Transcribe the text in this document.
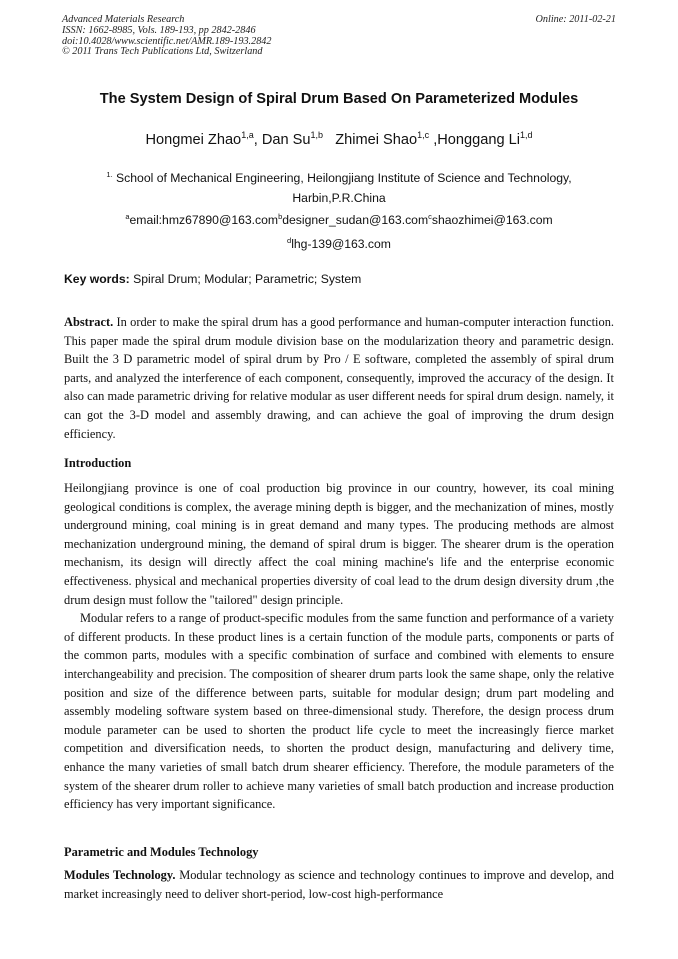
Advanced Materials Research
ISSN: 1662-8985, Vols. 189-193, pp 2842-2846
doi:10.4028/www.scientific.net/AMR.189-193.2842
© 2011 Trans Tech Publications Ltd, Switzerland
Online: 2011-02-21
The System Design of Spiral Drum Based On Parameterized Modules
Hongmei Zhao$^{1,a}$, Dan Su$^{1,b}$ Zhimei Shao$^{1,c}$ ,Honggang Li$^{1,d}$
$^{1.}$ School of Mechanical Engineering, Heilongjiang Institute of Science and Technology,
Harbin,P.R.China
$^a$email:hmz67890@163.com$^b$designer_sudan@163.com$^c$shaozhimei@163.com
$^d$lhg-139@163.com
Key words: Spiral Drum; Modular; Parametric; System

Abstract. In order to make the spiral drum has a good performance and human-computer interaction function. This paper made the spiral drum module division base on the modularization theory and parametric design. Built the 3 D parametric model of spiral drum by Pro / E software, completed the assembly of spiral drum parts, and analyzed the interference of each component, consequently, improved the accuracy of the design. It also can made parametric driving for relative modular as user different needs for spiral drum design. namely, it can got the 3-D model and assembly drawing, and can achieve the goal of improving the drum design efficiency.

Introduction

Heilongjiang province is one of coal production big province in our country, however, its coal mining geological conditions is complex, the average mining depth is bigger, and the mechanization of mines, mostly underground mining, coal mining is in great demand and many types. The producing methods are almost mechanization underground mining, the demand of spiral drum is bigger. The shearer drum is the operation mechanism, its design will directly affect the coal mining machine's life and the enterprise economic effectiveness. physical and mechanical properties diversity of coal lead to the drum design diversity drum ,the drum design must follow the "tailored" design principle.

Modular refers to a range of product-specific modules from the same function and performance of a variety of different products. In these product lines is a certain function of the module parts, components or parts of the common parts, modules with a specific combination of surface and combined with elements to ensure interchangeability and precision. The composition of shearer drum parts look the same shape, only the relative position and size of the difference between parts, suitable for modular design; drum part modeling and assembly modeling software system based on three-dimensional study. Therefore, the design process drum module parameter can be used to shorten the product life cycle to meet the increasingly fierce market competition and diversification needs, to shorten the product design, manufacturing and delivery time, enhance the many varieties of small batch drum shearer efficiency. Therefore, the module parameters of the system of the shearer drum roller to achieve many varieties of small batch production and increase production efficiency has very important significance.

Parametric and Modules Technology

Modules Technology. Modular technology as science and technology continues to improve and develop, and market increasingly need to deliver short-period, low-cost high-performance
